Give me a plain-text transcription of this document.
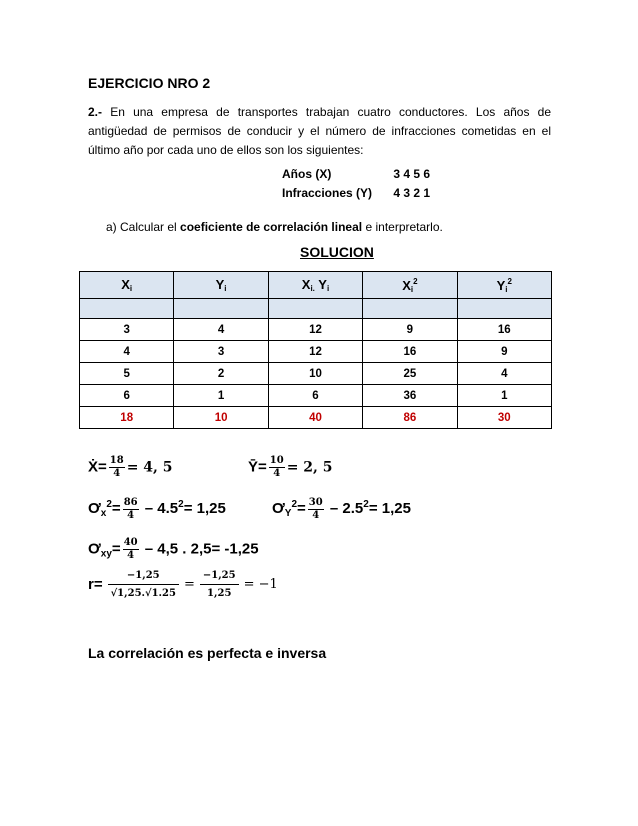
EJERCICIO NRO 2
2.- En una empresa de transportes trabajan cuatro conductores. Los años de antigüedad de permisos de conducir y el número de infracciones cometidas en el último año por cada uno de ellos son los siguientes:
Años (X)	3 4 5 6
Infracciones (Y) 4 3 2 1
a) Calcular el coeficiente de correlación lineal e interpretarlo.
SOLUCION
$X_i$	$Y_i$	$X_{i.}$ $Y_i$	$X_i^2$	$Y_i^2$

3	4	12	9	16
4	3	12	16	9
5	2	10	25	4
6	1	6	36	1
18	10	40	86	30
Ẋ= $\frac{18}{4} = 4$, 5	Ȳ= $\frac{10}{4} = 2$, 5
$Ơ_x^2= \frac{86}{4} - 4.5^2= 1,25$	$Ơ_Y^2= \frac{30}{4} - 2.5^2= 1,25$
$Ơ_{xy}= \frac{40}{4} - 4,5$ . 2,5= -1,25
$r= \frac{-1,25}{√1,25.√1.25} = \frac{-1,25}{1,25} = -1$
La correlación es perfecta e inversa
